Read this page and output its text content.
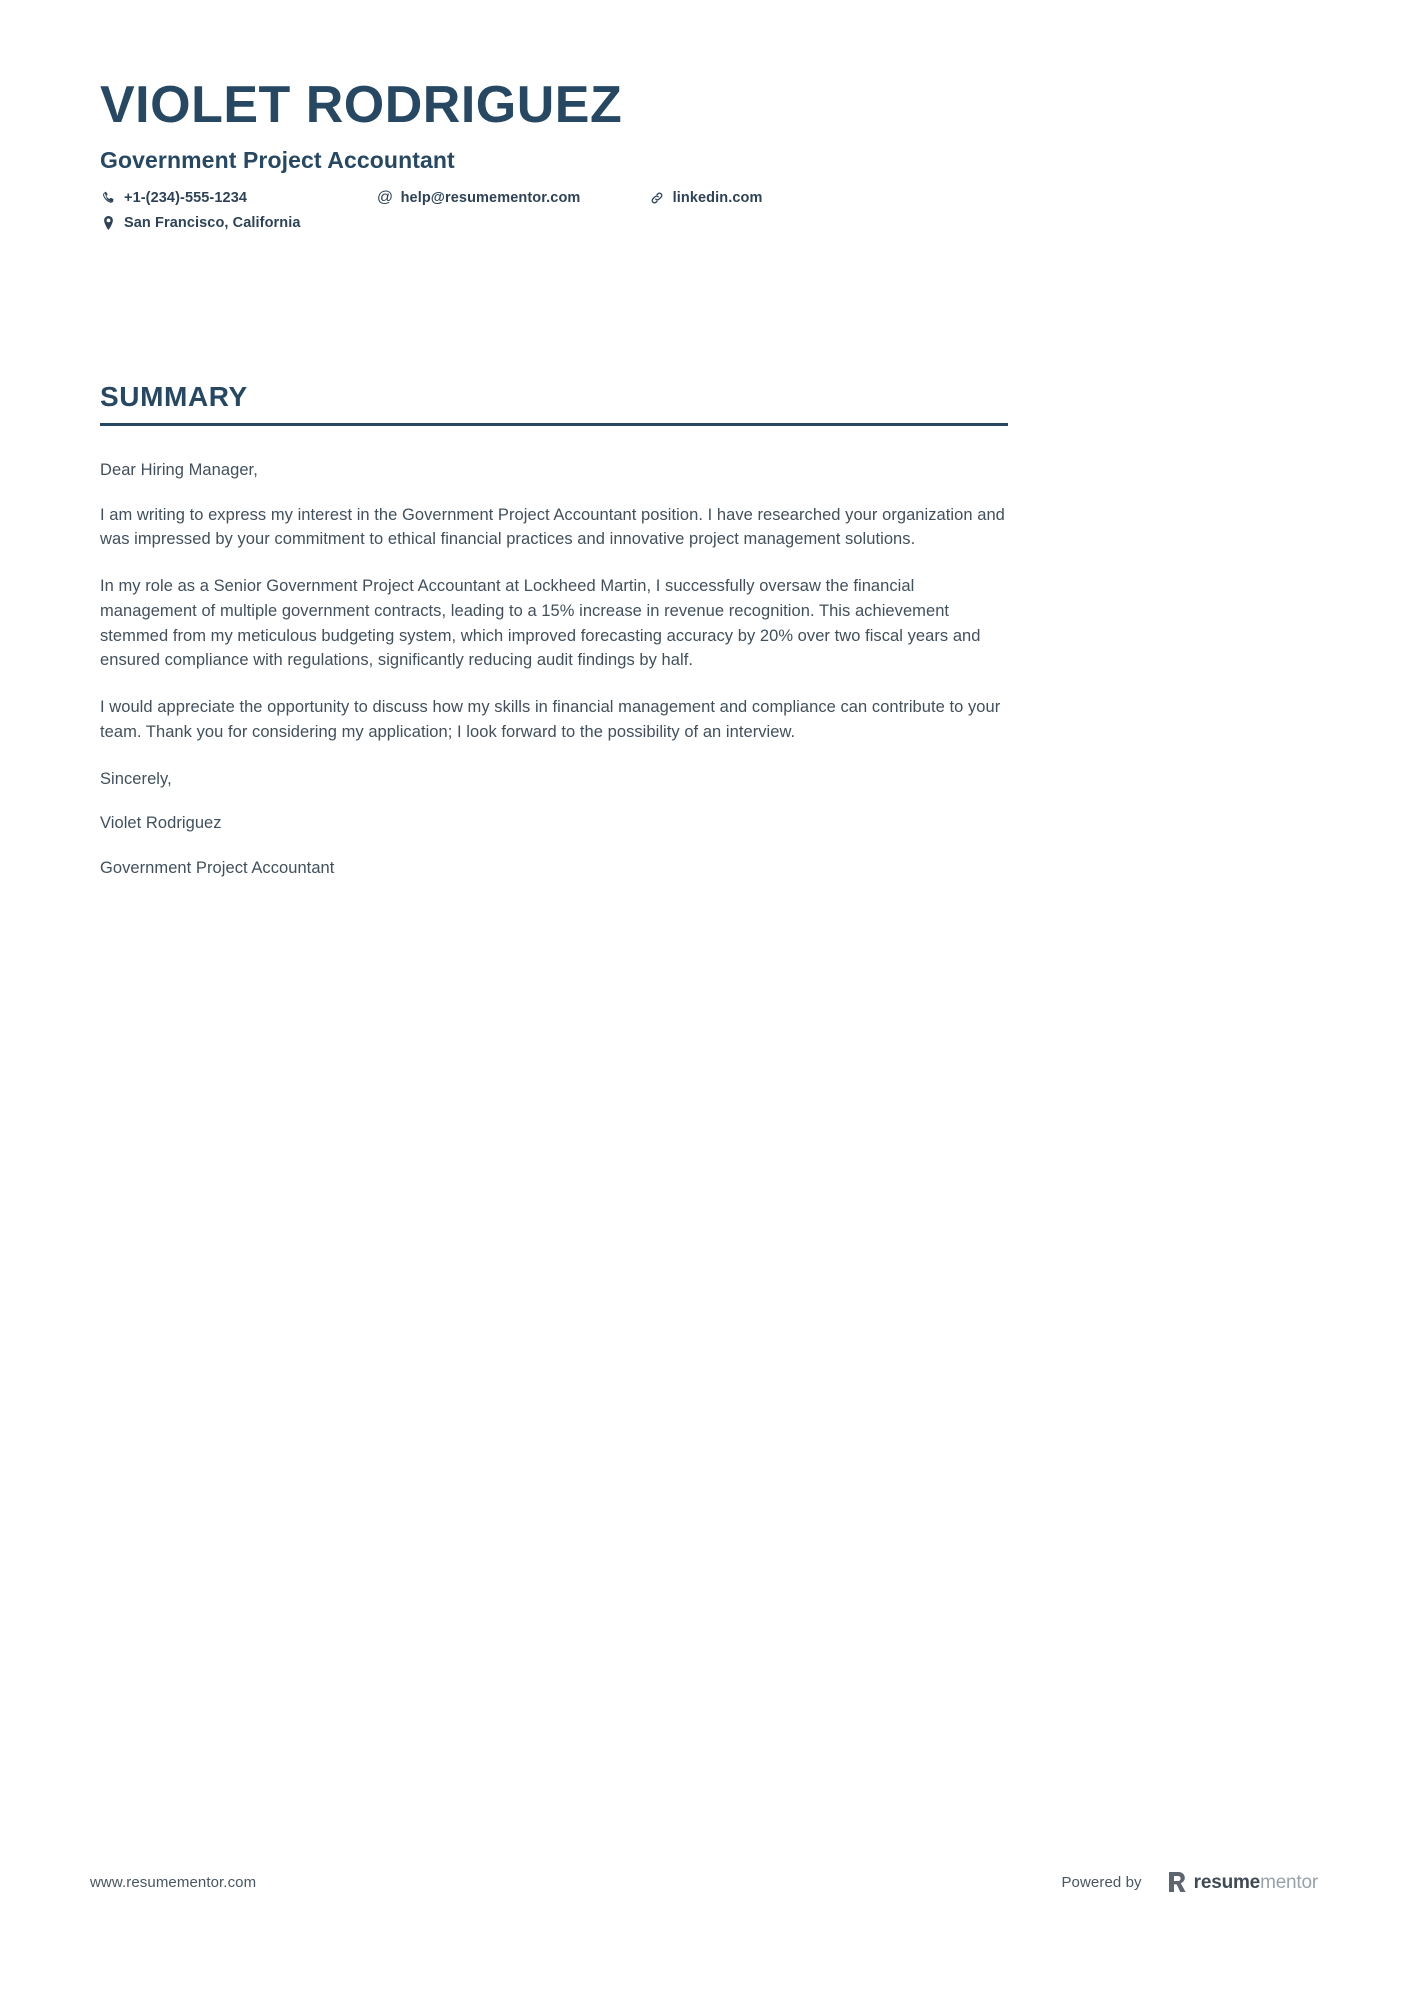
VIOLET RODRIGUEZ
Government Project Accountant
+1-(234)-555-1234	@ help@resumementor.com	linkedin.com
San Francisco, California
SUMMARY

Dear Hiring Manager,

I am writing to express my interest in the Government Project Accountant position. I have researched your organization and was impressed by your commitment to ethical financial practices and innovative project management solutions.

In my role as a Senior Government Project Accountant at Lockheed Martin, I successfully oversaw the financial management of multiple government contracts, leading to a 15% increase in revenue recognition. This achievement stemmed from my meticulous budgeting system, which improved forecasting accuracy by 20% over two fiscal years and ensured compliance with regulations, significantly reducing audit findings by half.

I would appreciate the opportunity to discuss how my skills in financial management and compliance can contribute to your team. Thank you for considering my application; I look forward to the possibility of an interview.

Sincerely,

Violet Rodriguez

Government Project Accountant

www.resumementor.com	Powered by	resumementor
